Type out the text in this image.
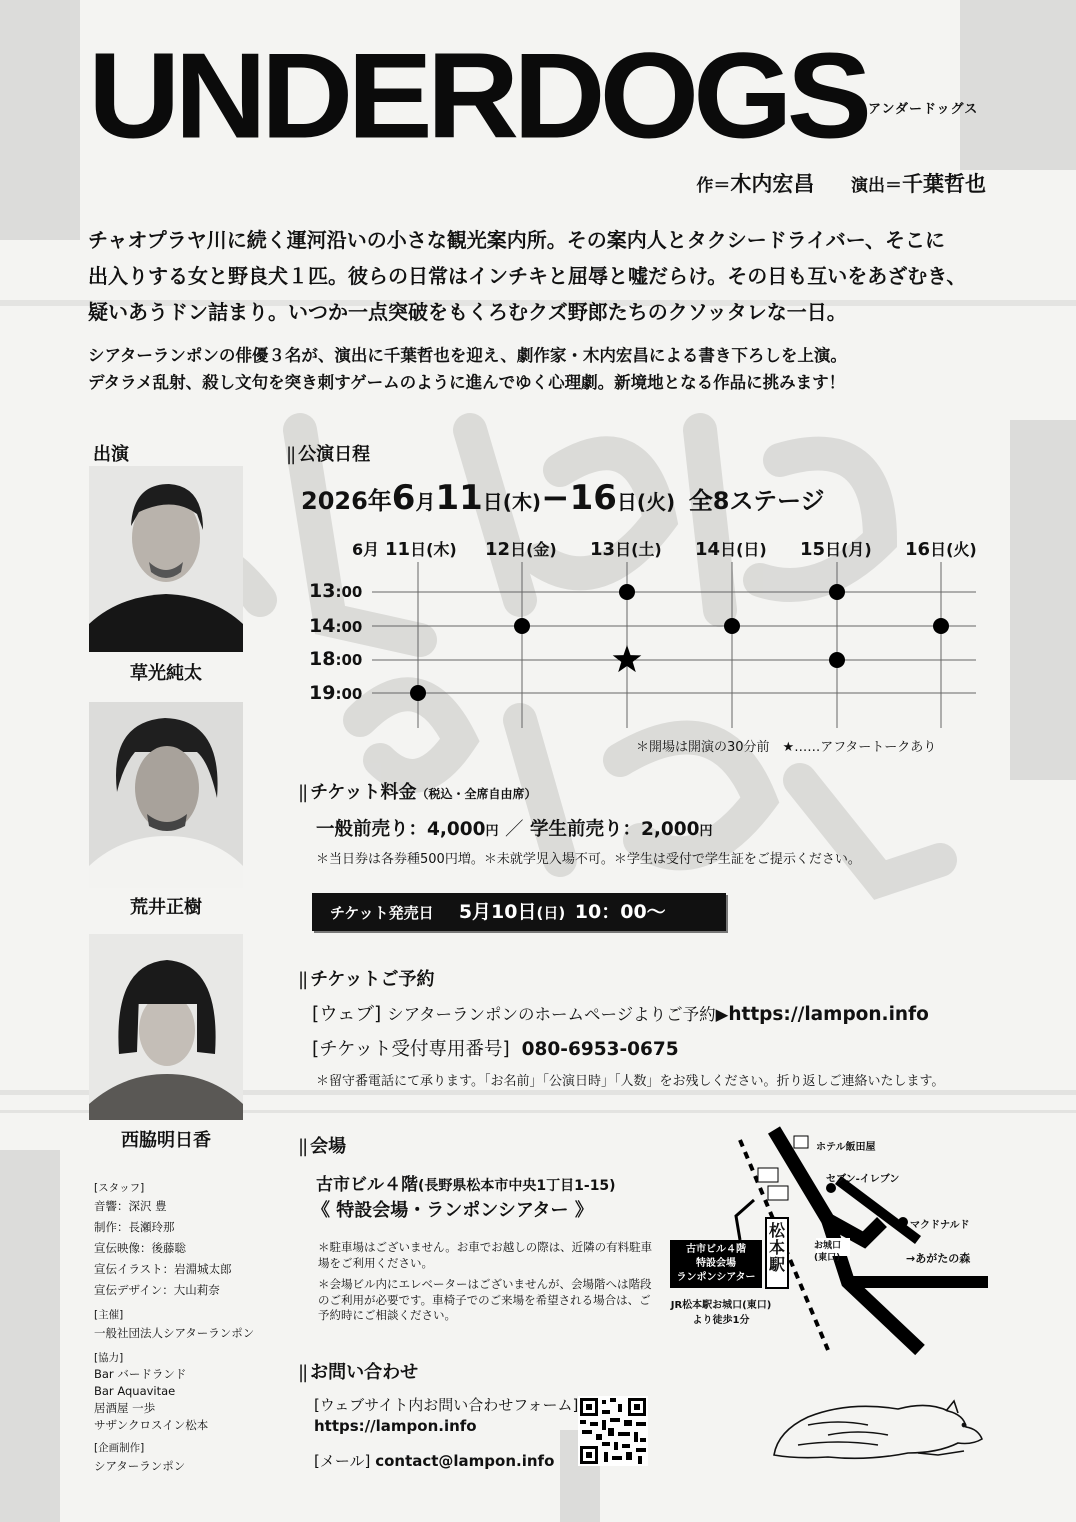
UNDERDOGS アンダードッグス
作＝木内宏昌 演出＝千葉哲也
チャオプラヤ川に続く運河沿いの小さな観光案内所。その案内人とタクシードライバー、そこに
出入りする女と野良犬１匹。彼らの日常はインチキと屈辱と嘘だらけ。その日も互いをあざむき、
疑いあうドン詰まり。いつか一点突破をもくろむクズ野郎たちのクソッタレな一日。
シアターランポンの俳優３名が、演出に千葉哲也を迎え、劇作家・木内宏昌による書き下ろしを上演。
デタラメ乱射、殺し文句を突き刺すゲームのように進んでゆく心理劇。新境地となる作品に挑みます！
出演
草光純太
荒井正樹
西脇明日香
|| 公演日程
2026年6月11日(木)−16日(火) 全8ステージ
6月 11日(木) 12日(金) 13日(土) 14日(日) 15日(月) 16日(火)
13:00
14:00
18:00
19:00
＊開場は開演の30分前　★……アフタートークあり
|| チケット料金（税込・全席自由席）
一般前売り：4,000円 ／ 学生前売り：2,000円
＊当日券は各券種500円増。＊未就学児入場不可。＊学生は受付で学生証をご提示ください。
チケット発売日 5月10日(日) 10：00〜
|| チケットご予約
[ウェブ] シアターランポンのホームページよりご予約▶https://lampon.info
[チケット受付専用番号] 080-6953-0675
＊留守番電話にて承ります。「お名前」「公演日時」「人数」をお残しください。折り返しご連絡いたします。
|| 会場
古市ビル４階(長野県松本市中央1丁目1-15)
《 特設会場・ランポンシアター 》
＊駐車場はございません。お車でお越しの際は、近隣の有料駐車場をご利用ください。
＊会場ビル内にエレベーターはございませんが、会場階へは階段のご利用が必要です。車椅子でのご来場を希望される場合は、ご予約時にご相談ください。
ホテル飯田屋
セブン-イレブン
マクドナルド
松本駅
お城口
(東口)	→あがたの森
古市ビル４階
特設会場
ランポンシアター
JR松本駅お城口(東口)
より徒歩1分
|| お問い合わせ
[ウェブサイト内お問い合わせフォーム]
https://lampon.info
[メール] contact@lampon.info
[スタッフ]
音響：深沢 豊
制作：長瀬玲那
宣伝映像：後藤聡
宣伝イラスト：岩淵城太郎
宣伝デザイン：大山莉奈
[主催]
一般社団法人シアターランポン
[協力]
Bar バードランド
Bar Aquavitae
居酒屋 一歩
サザンクロスイン松本
[企画制作]
シアターランポン
